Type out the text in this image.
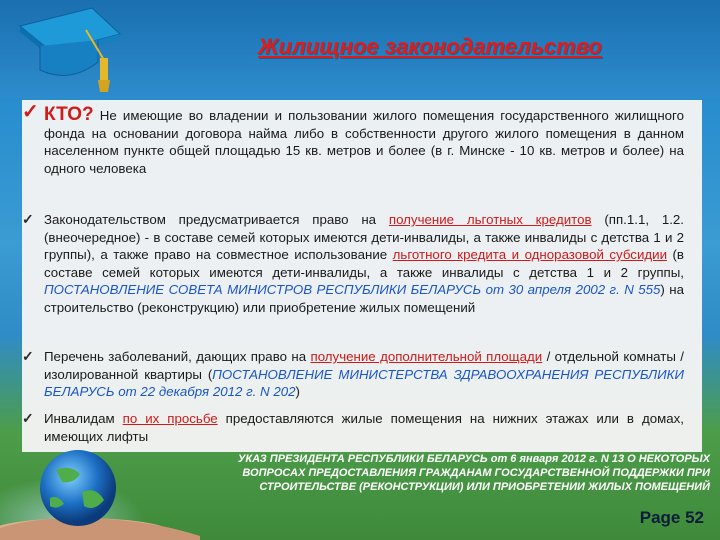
Жилищное законодательство
✓ КТО? Не имеющие во владении и пользовании жилого помещения государственного жилищного фонда на основании договора найма либо в собственности другого жилого помещения в данном населенном пункте общей площадью 15 кв. метров и более (в г. Минске - 10 кв. метров и более) на одного человека
✓ Законодательством предусматривается право на получение льготных кредитов (пп.1.1, 1.2. (внеочередное) - в составе семей которых имеются дети-инвалиды, а также инвалиды с детства 1 и 2 группы), а также право на совместное использование льготного кредита и одноразовой субсидии (в составе семей которых имеются дети-инвалиды, а также инвалиды с детства 1 и 2 группы, ПОСТАНОВЛЕНИЕ СОВЕТА МИНИСТРОВ РЕСПУБЛИКИ БЕЛАРУСЬ от 30 апреля 2002 г. N 555) на строительство (реконструкцию) или приобретение жилых помещений
✓ Перечень заболеваний, дающих право на получение дополнительной площади / отдельной комнаты / изолированной квартиры (ПОСТАНОВЛЕНИЕ МИНИСТЕРСТВА ЗДРАВООХРАНЕНИЯ РЕСПУБЛИКИ БЕЛАРУСЬ от 22 декабря 2012 г. N 202)
✓ Инвалидам по их просьбе предоставляются жилые помещения на нижних этажах или в домах, имеющих лифты
УКАЗ ПРЕЗИДЕНТА РЕСПУБЛИКИ БЕЛАРУСЬ от 6 января 2012 г. N 13 О НЕКОТОРЫХ ВОПРОСАХ ПРЕДОСТАВЛЕНИЯ ГРАЖДАНАМ ГОСУДАРСТВЕННОЙ ПОДДЕРЖКИ ПРИ СТРОИТЕЛЬСТВЕ (РЕКОНСТРУКЦИИ) ИЛИ ПРИОБРЕТЕНИИ ЖИЛЫХ ПОМЕЩЕНИЙ
Page 52
